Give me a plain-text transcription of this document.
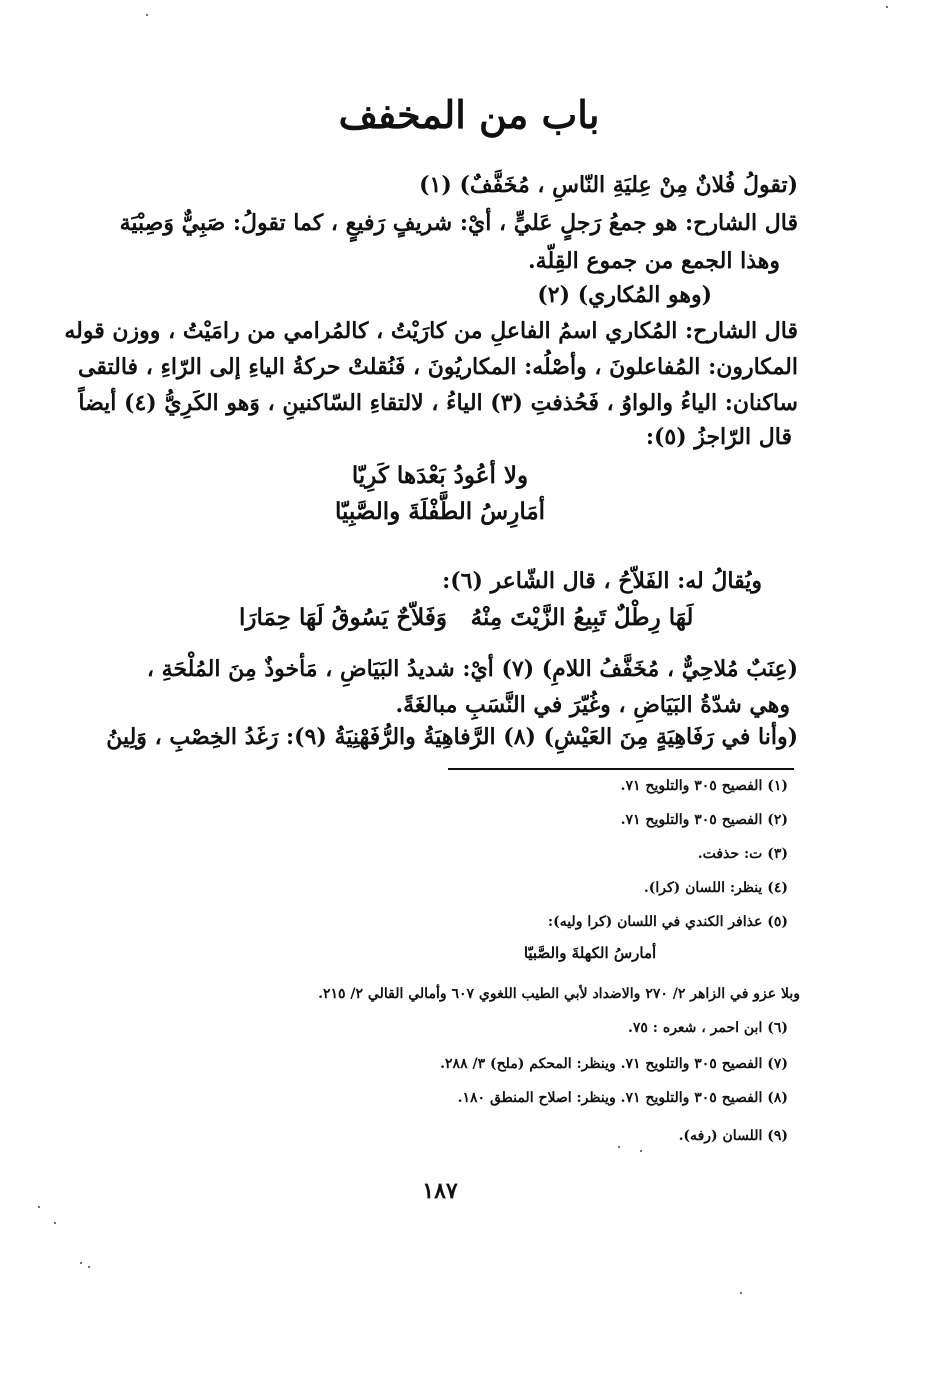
باب من المخفف
(تقولُ فُلانٌ مِنْ عِليَةِ النّاسِ ، مُخَفَّفٌ) (١)
قال الشارح: هو جمعُ رَجلٍ عَليٍّ ، أيْ: شريفٍ رَفيعٍ ، كما تقولُ: صَبِيٌّ وَصِبْيَة
وهذا الجمع من جموع القِلّة.
(وهو المُكاري) (٢)
قال الشارح: المُكاري اسمُ الفاعلِ من كارَيْتُ ، كالمُرامي من رامَيْتُ ، ووزن قوله
المكارون: المُفاعلونَ ، وأصْلُه: المكاريُونَ ، فَنُقلتْ حركةُ الياءِ إلى الرّاءِ ، فالتقى
ساكنان: الياءُ والواوُ ، فَحُذفتِ (٣) الياءُ ، لالتقاءِ السّاكنينِ ، وَهو الكَرِيُّ (٤) أيضاً
قال الرّاجزُ (٥):
ولا أعُودُ بَعْدَها كَرِيّا
أمَارِسُ الطَّفْلَةَ والصَّبِيّا
ويُقالُ له: الفَلاّحُ ، قال الشّاعر (٦):
لَهَا رِطْلٌ تَبِيعُ الزَّيْتَ مِنْهُ
وَفَلاّحٌ يَسُوقُ لَهَا حِمَارَا
(عِنَبٌ مُلاحِيٌّ ، مُخَفَّفُ اللامِ) (٧) أيْ: شديدُ البَيَاضِ ، مَأخوذٌ مِنَ المُلْحَةِ ،
وهي شدّةُ البَيَاضِ ، وغُيّرَ في النَّسَبِ مبالغَةً.
(وأنا في رَفَاهِيَةٍ مِنَ العَيْشِ) (٨) الرَّفاهِيَةُ والرُّفَهْنِيَةُ (٩): رَغَدُ الخِصْبِ ، وَلِينُ
(١) الفصيح ٣٠٥ والتلويح ٧١.
(٢) الفصيح ٣٠٥ والتلويح ٧١.
(٣) ت: حذفت.
(٤) ينظر: اللسان (كرا).
(٥) عذافر الكندي في اللسان (كرا وليه):
أمارسُ الكهلةَ والصَّبيّا
وبلا عزو في الزاهر ٢/ ٢٧٠ والاضداد لأبي الطيب اللغوي ٦٠٧ وأمالي القالي ٢/ ٢١٥.
(٦) ابن احمر ، شعره : ٧٥.
(٧) الفصيح ٣٠٥ والتلويح ٧١. وينظر: المحكم (ملح) ٣/ ٢٨٨.
(٨) الفصيح ٣٠٥ والتلويح ٧١. وينظر: اصلاح المنطق ١٨٠.
(٩) اللسان (رفه).
١٨٧
